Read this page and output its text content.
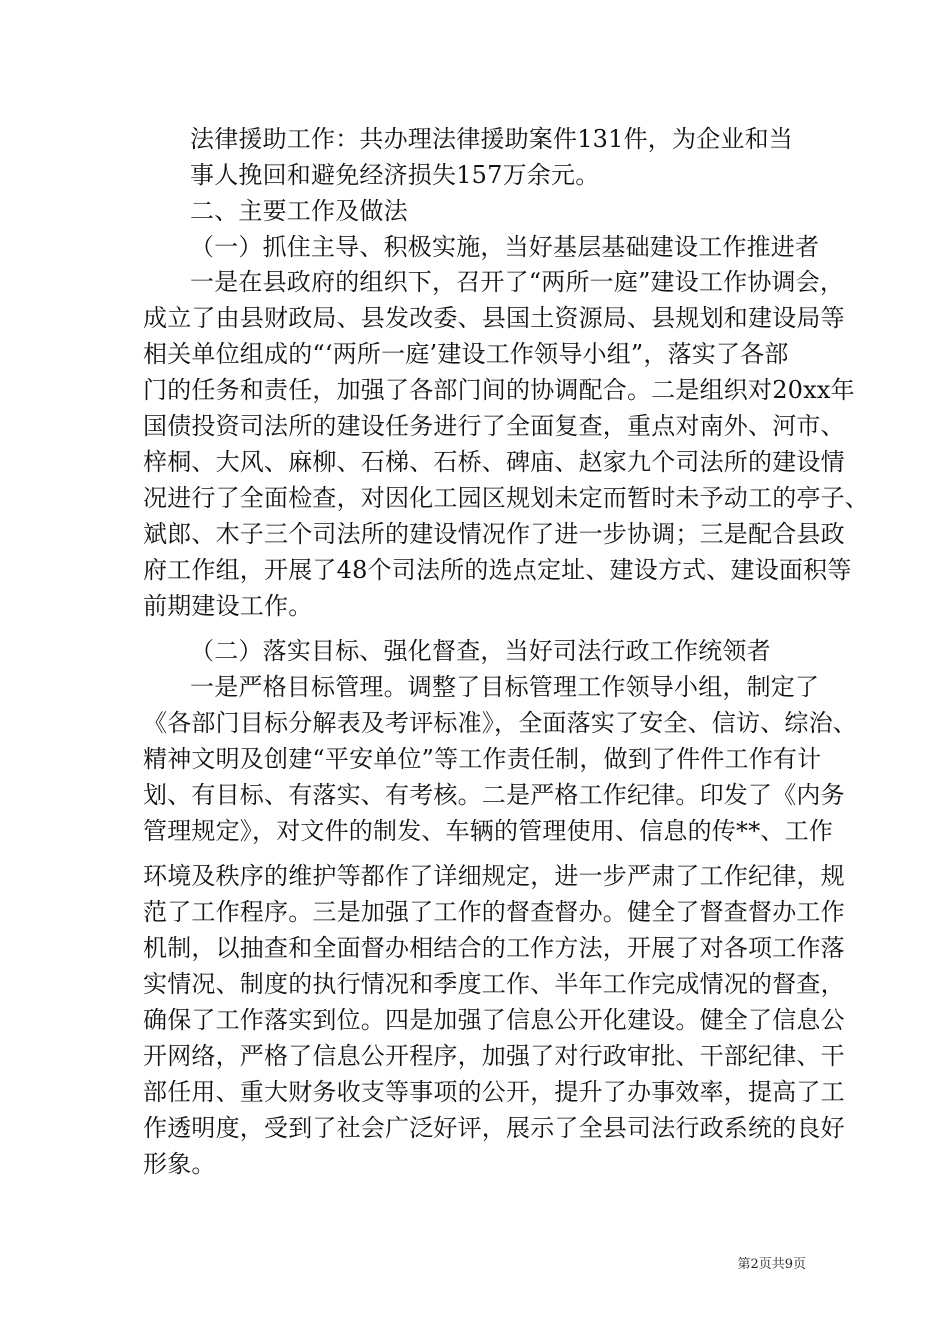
法律援助工作：共办理法律援助案件131件，为企业和当
事人挽回和避免经济损失157万余元。
二、主要工作及做法
（一）抓住主导、积极实施，当好基层基础建设工作推进者
一是在县政府的组织下，召开了“两所一庭”建设工作协调会，
成立了由县财政局、县发改委、县国土资源局、县规划和建设局等
相关单位组成的“‘两所一庭’建设工作领导小组”，落实了各部
门的任务和责任，加强了各部门间的协调配合。二是组织对20xx年
国债投资司法所的建设任务进行了全面复查，重点对南外、河市、
梓桐、大风、麻柳、石梯、石桥、碑庙、赵家九个司法所的建设情
况进行了全面检查，对因化工园区规划未定而暂时未予动工的亭子、
斌郎、木子三个司法所的建设情况作了进一步协调；三是配合县政
府工作组，开展了48个司法所的选点定址、建设方式、建设面积等
前期建设工作。
（二）落实目标、强化督查，当好司法行政工作统领者
一是严格目标管理。调整了目标管理工作领导小组，制定了
《各部门目标分解表及考评标准》，全面落实了安全、信访、综治、
精神文明及创建“平安单位”等工作责任制，做到了件件工作有计
划、有目标、有落实、有考核。二是严格工作纪律。印发了《内务
管理规定》，对文件的制发、车辆的管理使用、信息的传**、工作
环境及秩序的维护等都作了详细规定，进一步严肃了工作纪律，规
范了工作程序。三是加强了工作的督查督办。健全了督查督办工作
机制，以抽查和全面督办相结合的工作方法，开展了对各项工作落
实情况、制度的执行情况和季度工作、半年工作完成情况的督查，
确保了工作落实到位。四是加强了信息公开化建设。健全了信息公
开网络，严格了信息公开程序，加强了对行政审批、干部纪律、干
部任用、重大财务收支等事项的公开，提升了办事效率，提高了工
作透明度，受到了社会广泛好评，展示了全县司法行政系统的良好
形象。
第2页共9页
